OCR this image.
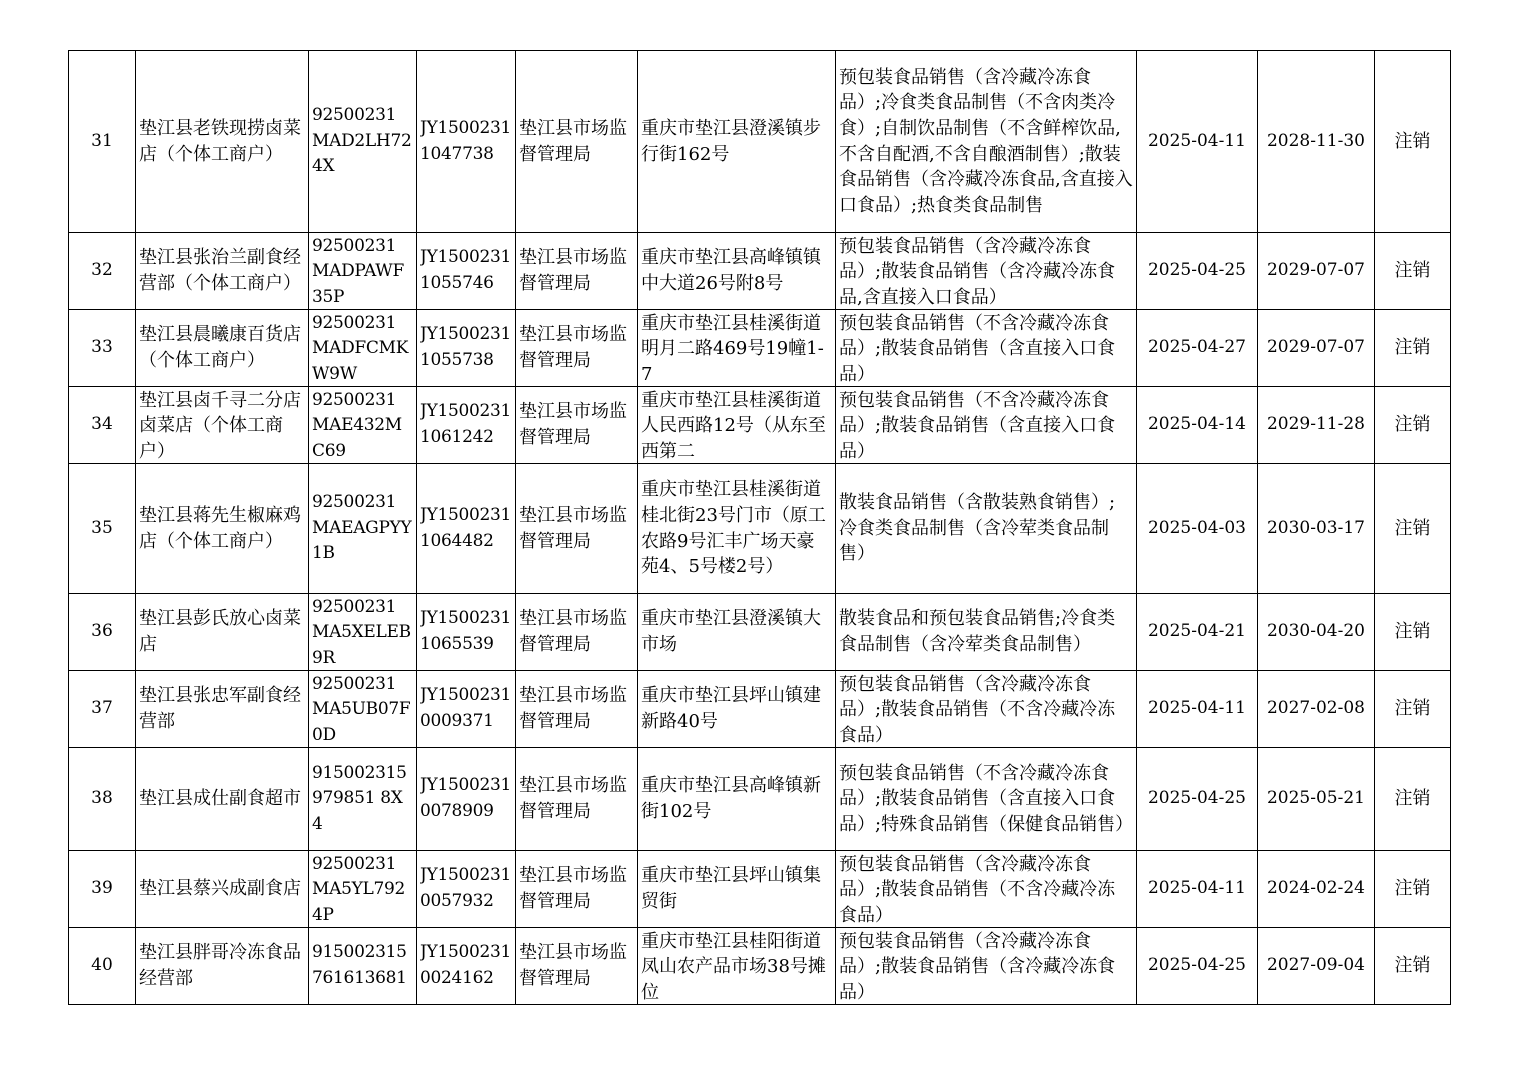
31	垫江县老铁现捞卤菜店（个体工商户）	92500231MAD2LH724X	JY15002311047738	垫江县市场监督管理局	重庆市垫江县澄溪镇步行街162号	预包装食品销售（含冷藏冷冻食品）;冷食类食品制售（不含肉类冷食）;自制饮品制售（不含鲜榨饮品,不含自配酒,不含自酿酒制售）;散装食品销售（含冷藏冷冻食品,含直接入口食品）;热食类食品制售	2025-04-11	2028-11-30	注销

32	垫江县张治兰副食经营部（个体工商户）	92500231MADPAWF35P	JY15002311055746	垫江县市场监督管理局	重庆市垫江县高峰镇镇中大道26号附8号	预包装食品销售（含冷藏冷冻食品）;散装食品销售（含冷藏冷冻食品,含直接入口食品）	2025-04-25	2029-07-07	注销

33	垫江县晨曦康百货店（个体工商户）	92500231MADFCMKW9W	JY15002311055738	垫江县市场监督管理局	重庆市垫江县桂溪街道明月二路469号19幢1-7	预包装食品销售（不含冷藏冷冻食品）;散装食品销售（含直接入口食品）	2025-04-27	2029-07-07	注销

34	垫江县卤千寻二分店卤菜店（个体工商户）	92500231MAE432MC69	JY15002311061242	垫江县市场监督管理局	重庆市垫江县桂溪街道人民西路12号（从东至西第二	预包装食品销售（不含冷藏冷冻食品）;散装食品销售（含直接入口食品）	2025-04-14	2029-11-28	注销

35	垫江县蒋先生椒麻鸡店（个体工商户）	92500231MAEAGPYY1B	JY15002311064482	垫江县市场监督管理局	重庆市垫江县桂溪街道桂北街23号门市（原工农路9号汇丰广场天豪苑4、5号楼2号）	散装食品销售（含散装熟食销售）;冷食类食品制售（含冷荤类食品制售）	2025-04-03	2030-03-17	注销

36	垫江县彭氏放心卤菜店	92500231MA5XELEB9R	JY15002311065539	垫江县市场监督管理局	重庆市垫江县澄溪镇大市场	散装食品和预包装食品销售;冷食类食品制售（含冷荤类食品制售）	2025-04-21	2030-04-20	注销

37	垫江县张忠军副食经营部	92500231MA5UB07F0D	JY15002310009371	垫江县市场监督管理局	重庆市垫江县坪山镇建新路40号	预包装食品销售（含冷藏冷冻食品）;散装食品销售（不含冷藏冷冻食品）	2025-04-11	2027-02-08	注销

38	垫江县成仕副食超市	915002315979851 8X4	JY15002310078909	垫江县市场监督管理局	重庆市垫江县高峰镇新街102号	预包装食品销售（不含冷藏冷冻食品）;散装食品销售（含直接入口食品）;特殊食品销售（保健食品销售）	2025-04-25	2025-05-21	注销

39	垫江县蔡兴成副食店	92500231MA5YL7924P	JY15002310057932	垫江县市场监督管理局	重庆市垫江县坪山镇集贸街	预包装食品销售（含冷藏冷冻食品）;散装食品销售（不含冷藏冷冻食品）	2025-04-11	2024-02-24	注销

40	垫江县胖哥冷冻食品经营部	915002315761613681	JY15002310024162	垫江县市场监督管理局	重庆市垫江县桂阳街道凤山农产品市场38号摊位	预包装食品销售（含冷藏冷冻食品）;散装食品销售（含冷藏冷冻食品）	2025-04-25	2027-09-04	注销
